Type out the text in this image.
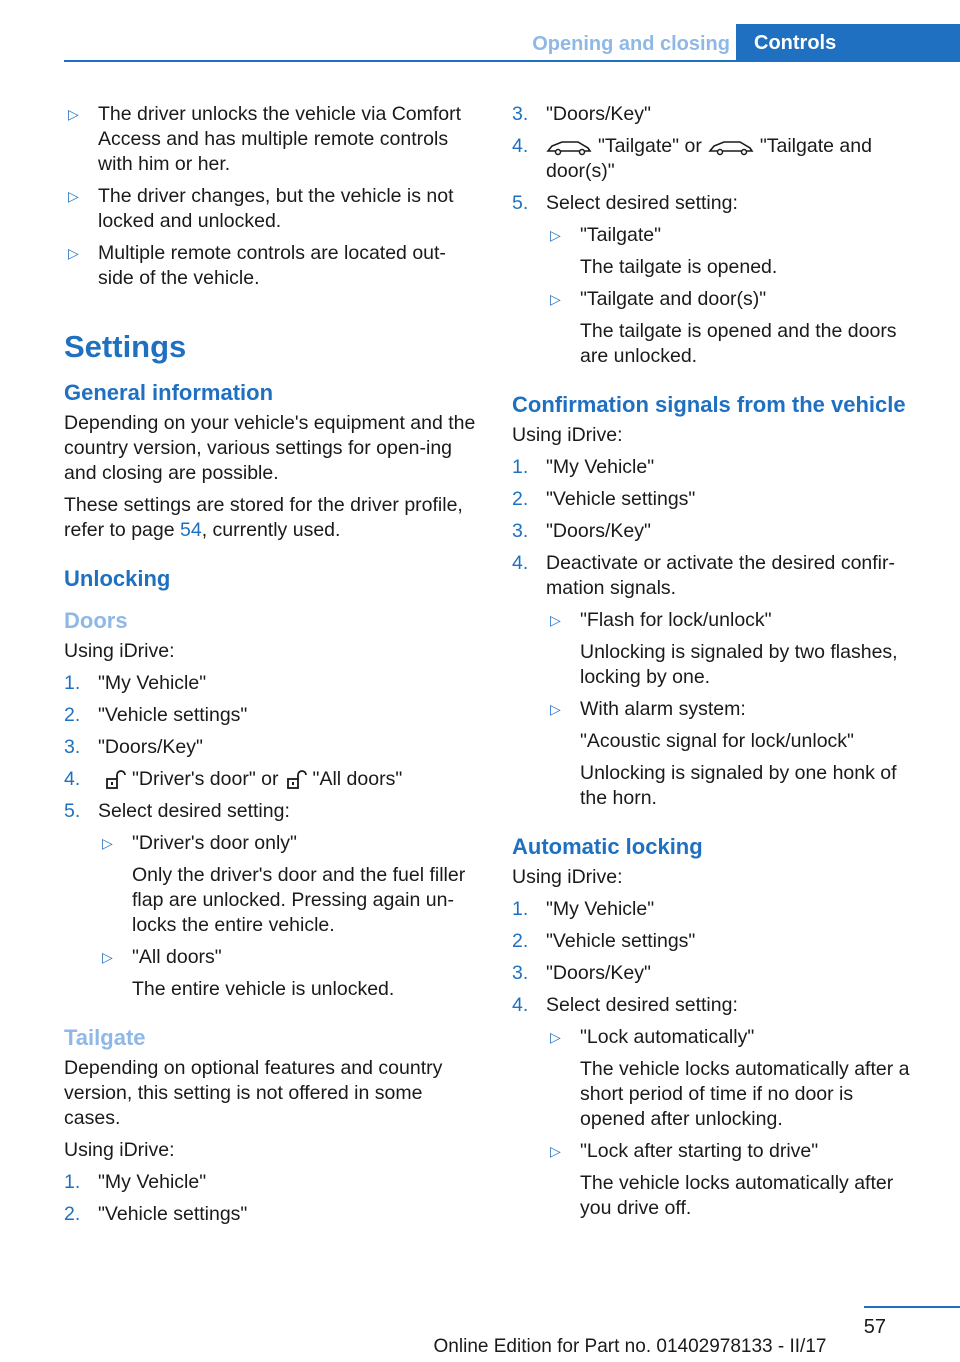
Opening and closing	Controls
▷ The driver unlocks the vehicle via Comfort Access and has multiple remote controls with him or her.
▷ The driver changes, but the vehicle is not locked and unlocked.
▷ Multiple remote controls are located out-side of the vehicle.
Settings
General information

Depending on your vehicle's equipment and the country version, various settings for open-ing and closing are possible.

These settings are stored for the driver profile, refer to page 54, currently used.

Unlocking
Doors

Using iDrive:

1. "My Vehicle"
2. "Vehicle settings"
3. "Doors/Key"
4.	"Driver's door" or "All doors"
5. Select desired setting:
▷ "Driver's door only"

Only the driver's door and the fuel filler flap are unlocked. Pressing again un-locks the entire vehicle.

▷ "All doors"

The entire vehicle is unlocked.

Tailgate

Depending on optional features and country version, this setting is not offered in some cases.

Using iDrive:

1. "My Vehicle"
2. "Vehicle settings"
3. "Doors/Key"
4.	"Tailgate" or	"Tailgate and door(s)"
5. Select desired setting:
▷ "Tailgate"

The tailgate is opened.

▷ "Tailgate and door(s)"

The tailgate is opened and the doors are unlocked.

Confirmation signals from the vehicle

Using iDrive:

1. "My Vehicle"
2. "Vehicle settings"
3. "Doors/Key"
4. Deactivate or activate the desired confir-mation signals.
▷ "Flash for lock/unlock"

Unlocking is signaled by two flashes, locking by one.

▷ With alarm system:

"Acoustic signal for lock/unlock"

Unlocking is signaled by one honk of the horn.

Automatic locking

Using iDrive:

1. "My Vehicle"
2. "Vehicle settings"
3. "Doors/Key"
4. Select desired setting:
▷ "Lock automatically"

The vehicle locks automatically after a short period of time if no door is opened after unlocking.

▷ "Lock after starting to drive"

The vehicle locks automatically after you drive off.

57
Online Edition for Part no. 01402978133 - II/17
